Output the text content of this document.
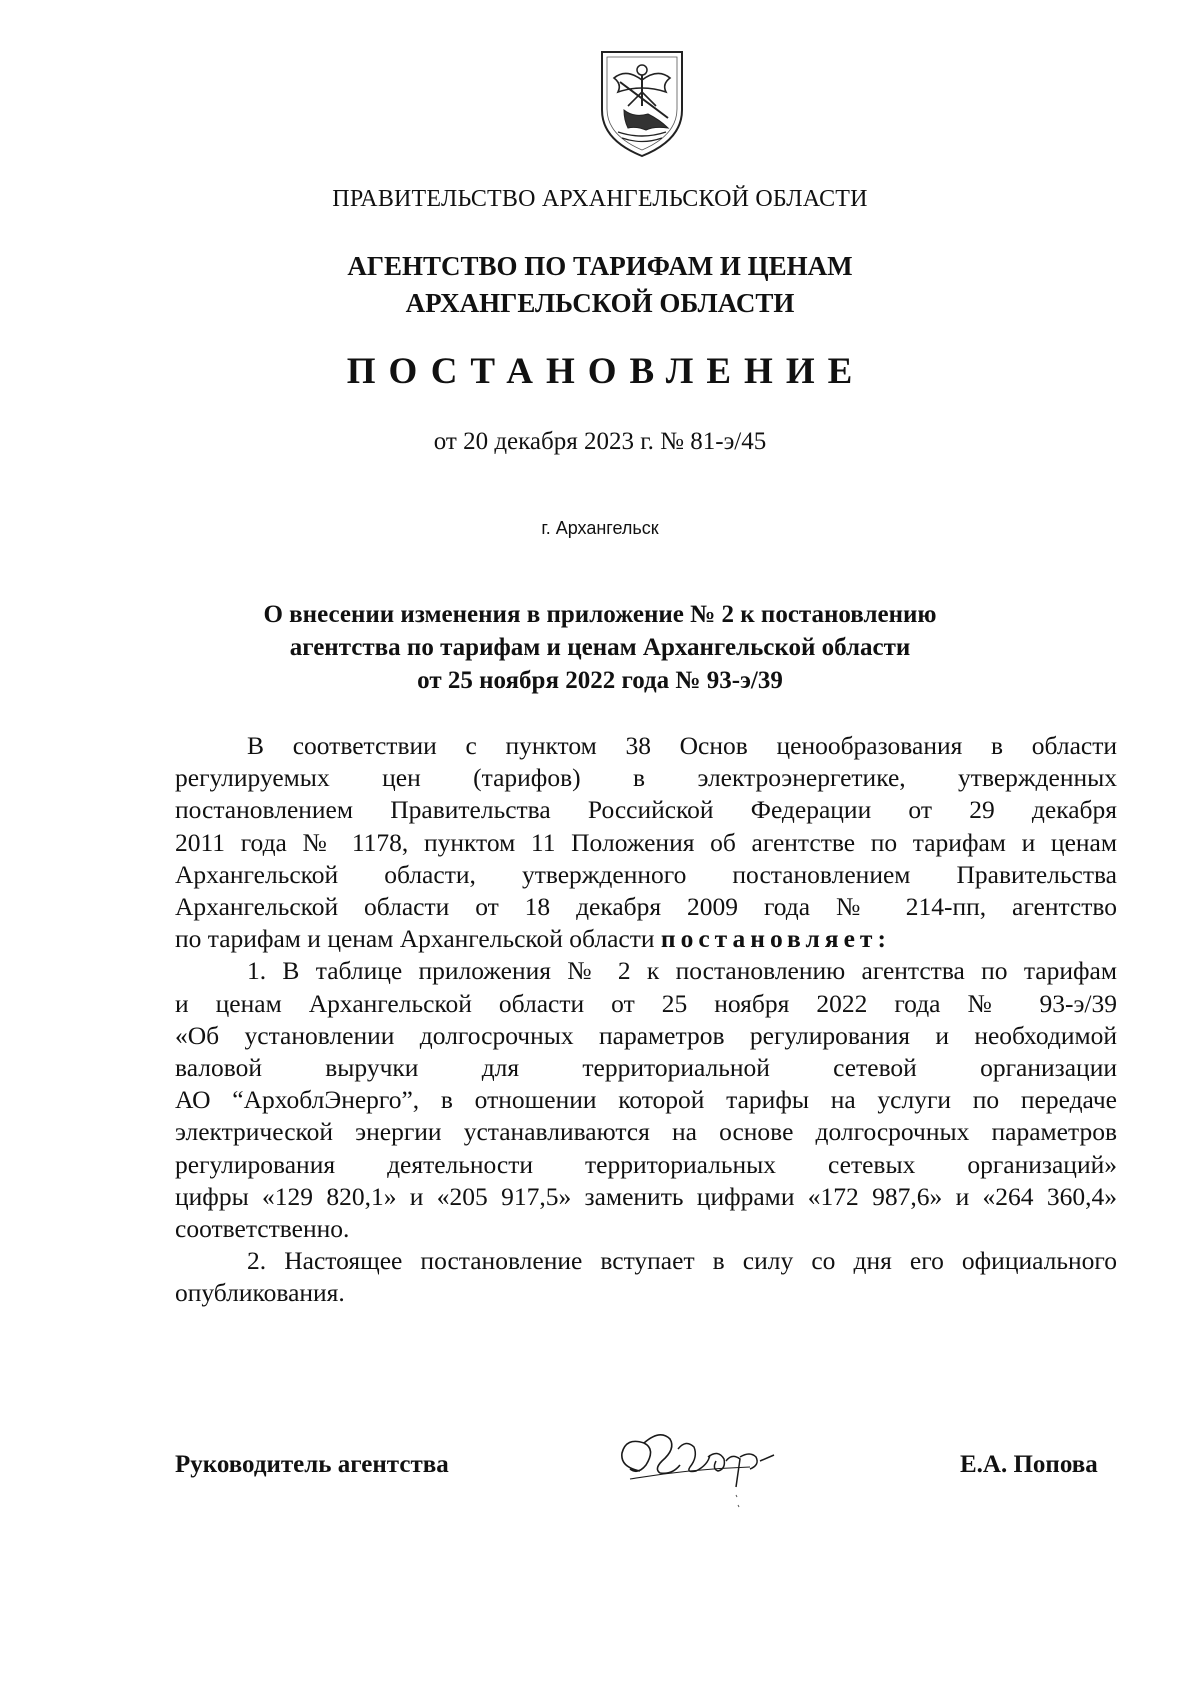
ПРАВИТЕЛЬСТВО АРХАНГЕЛЬСКОЙ ОБЛАСТИ
АГЕНТСТВО ПО ТАРИФАМ И ЦЕНАМ
АРХАНГЕЛЬСКОЙ ОБЛАСТИ
ПОСТАНОВЛЕНИЕ
от 20 декабря 2023 г. № 81-э/45
г. Архангельск
О внесении изменения в приложение № 2 к постановлению
агентства по тарифам и ценам Архангельской области
от 25 ноября 2022 года № 93-э/39
В соответствии с пунктом 38 Основ ценообразования в области
регулируемых цен (тарифов) в электроэнергетике, утвержденных
постановлением Правительства Российской Федерации от 29 декабря
2011 года № 1178, пунктом 11 Положения об агентстве по тарифам и ценам
Архангельской области, утвержденного постановлением Правительства
Архангельской области от 18 декабря 2009 года № 214-пп, агентство
по тарифам и ценам Архангельской области постановляет:
1. В таблице приложения № 2 к постановлению агентства по тарифам
и ценам Архангельской области от 25 ноября 2022 года № 93-э/39
«Об установлении долгосрочных параметров регулирования и необходимой
валовой выручки для территориальной сетевой организации
АО “АрхоблЭнерго”, в отношении которой тарифы на услуги по передаче
электрической энергии устанавливаются на основе долгосрочных параметров
регулирования деятельности территориальных сетевых организаций»
цифры «129 820,1» и «205 917,5» заменить цифрами «172 987,6» и «264 360,4»
соответственно.
2. Настоящее постановление вступает в силу со дня его официального
опубликования.
Руководитель агентства	Е.А. Попова
